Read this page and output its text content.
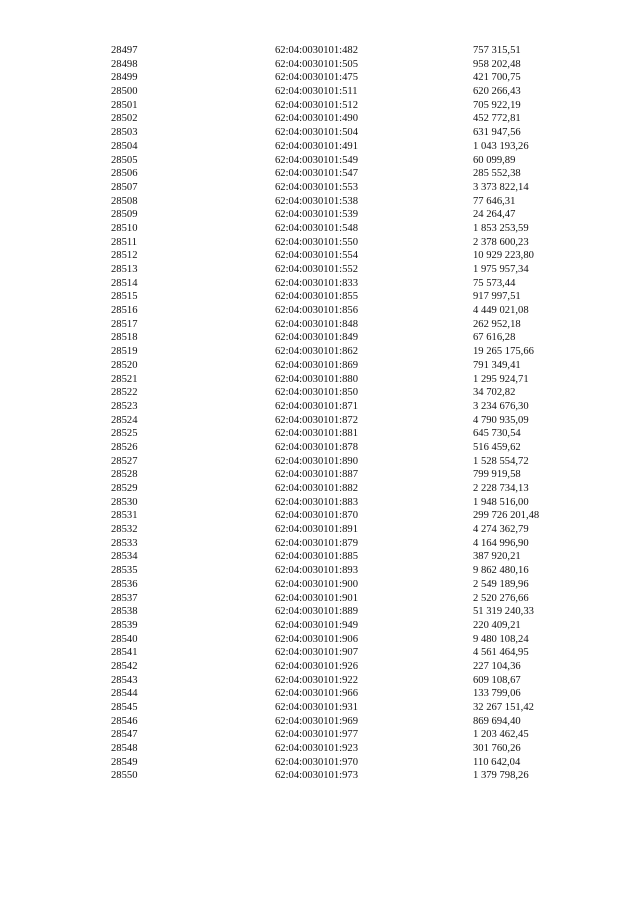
28497	62:04:0030101:482	757 315,51
28498	62:04:0030101:505	958 202,48
28499	62:04:0030101:475	421 700,75
28500	62:04:0030101:511	620 266,43
28501	62:04:0030101:512	705 922,19
28502	62:04:0030101:490	452 772,81
28503	62:04:0030101:504	631 947,56
28504	62:04:0030101:491	1 043 193,26
28505	62:04:0030101:549	60 099,89
28506	62:04:0030101:547	285 552,38
28507	62:04:0030101:553	3 373 822,14
28508	62:04:0030101:538	77 646,31
28509	62:04:0030101:539	24 264,47
28510	62:04:0030101:548	1 853 253,59
28511	62:04:0030101:550	2 378 600,23
28512	62:04:0030101:554	10 929 223,80
28513	62:04:0030101:552	1 975 957,34
28514	62:04:0030101:833	75 573,44
28515	62:04:0030101:855	917 997,51
28516	62:04:0030101:856	4 449 021,08
28517	62:04:0030101:848	262 952,18
28518	62:04:0030101:849	67 616,28
28519	62:04:0030101:862	19 265 175,66
28520	62:04:0030101:869	791 349,41
28521	62:04:0030101:880	1 295 924,71
28522	62:04:0030101:850	34 702,82
28523	62:04:0030101:871	3 234 676,30
28524	62:04:0030101:872	4 790 935,09
28525	62:04:0030101:881	645 730,54
28526	62:04:0030101:878	516 459,62
28527	62:04:0030101:890	1 528 554,72
28528	62:04:0030101:887	799 919,58
28529	62:04:0030101:882	2 228 734,13
28530	62:04:0030101:883	1 948 516,00
28531	62:04:0030101:870	299 726 201,48
28532	62:04:0030101:891	4 274 362,79
28533	62:04:0030101:879	4 164 996,90
28534	62:04:0030101:885	387 920,21
28535	62:04:0030101:893	9 862 480,16
28536	62:04:0030101:900	2 549 189,96
28537	62:04:0030101:901	2 520 276,66
28538	62:04:0030101:889	51 319 240,33
28539	62:04:0030101:949	220 409,21
28540	62:04:0030101:906	9 480 108,24
28541	62:04:0030101:907	4 561 464,95
28542	62:04:0030101:926	227 104,36
28543	62:04:0030101:922	609 108,67
28544	62:04:0030101:966	133 799,06
28545	62:04:0030101:931	32 267 151,42
28546	62:04:0030101:969	869 694,40
28547	62:04:0030101:977	1 203 462,45
28548	62:04:0030101:923	301 760,26
28549	62:04:0030101:970	110 642,04
28550	62:04:0030101:973	1 379 798,26
